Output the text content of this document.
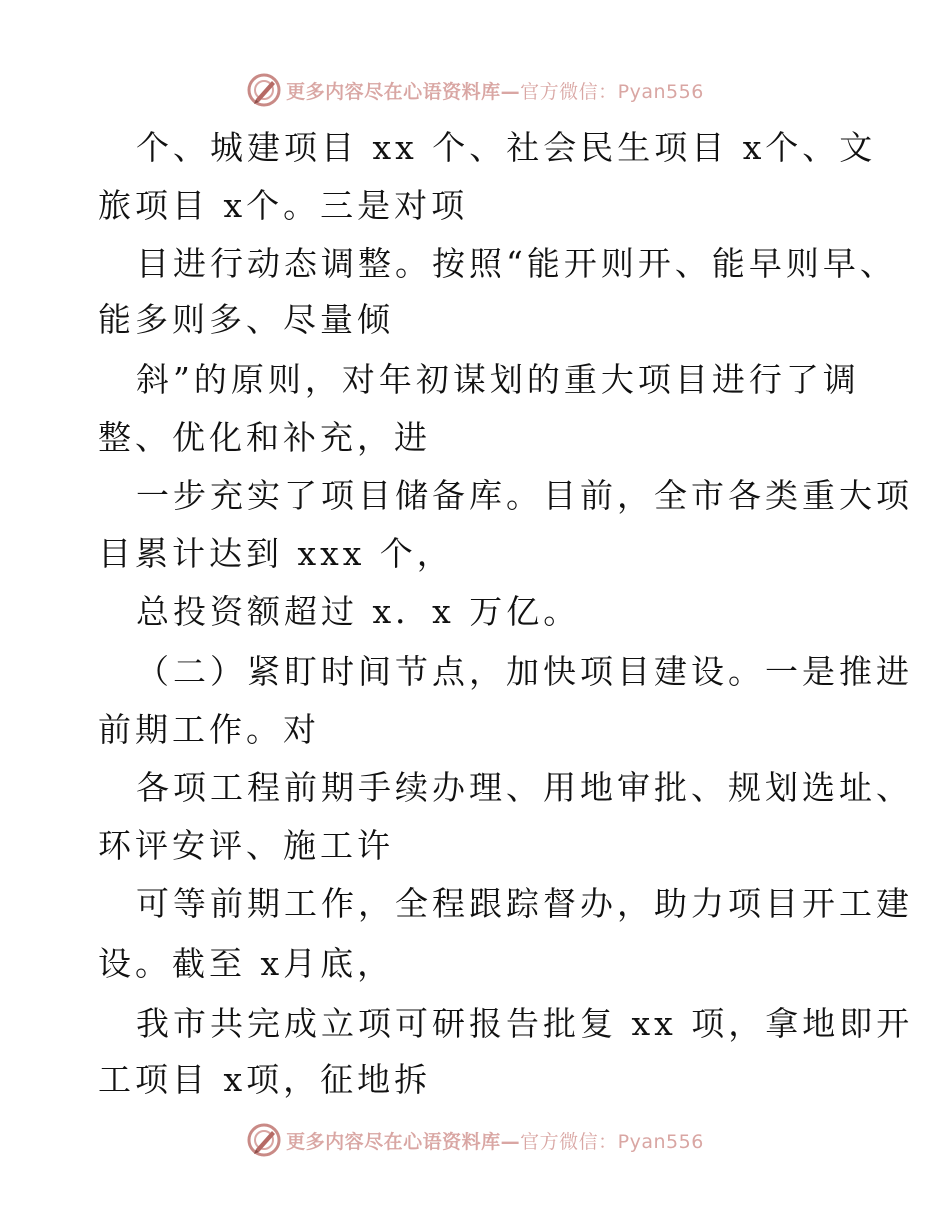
更多内容尽在心语资料库—官方微信：Pyan556
个、城建项目 xx 个、社会民生项目 x个、文
旅项目 x个。三是对项
目进行动态调整。按照“能开则开、能早则早、
能多则多、尽量倾
斜”的原则，对年初谋划的重大项目进行了调
整、优化和补充，进
一步充实了项目储备库。目前，全市各类重大项
目累计达到 xxx 个，
总投资额超过 x．x 万亿。
（二）紧盯时间节点，加快项目建设。一是推进
前期工作。对
各项工程前期手续办理、用地审批、规划选址、
环评安评、施工许
可等前期工作，全程跟踪督办，助力项目开工建
设。截至 x月底，
我市共完成立项可研报告批复 xx 项，拿地即开
工项目 x项，征地拆
更多内容尽在心语资料库—官方微信：Pyan556
